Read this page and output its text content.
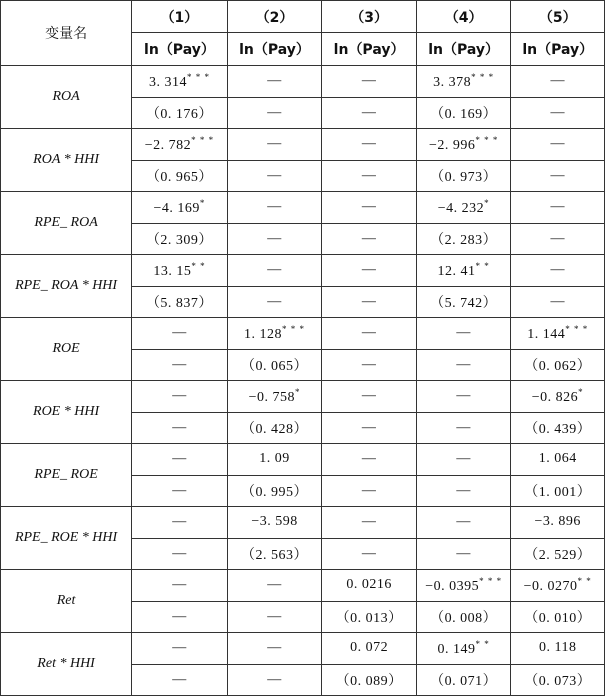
变量名	（1）	（2）	（3）	（4）	（5）
	ln（Pay）	ln（Pay）	ln（Pay）	ln（Pay）	ln（Pay）
ROA	3. 314* * *	—	—	3. 378* * *	—
	（0. 176）	—	—	（0. 169）	—
ROA * HHI	−2. 782* * *	—	—	−2. 996* * *	—
	（0. 965）	—	—	（0. 973）	—
RPE_ ROA	−4. 169*	—	—	−4. 232*	—
	（2. 309）	—	—	（2. 283）	—
RPE_ ROA * HHI	13. 15* *	—	—	12. 41* *	—
	（5. 837）	—	—	（5. 742）	—
ROE	—	1. 128* * *	—	—	1. 144* * *
	—	（0. 065）	—	—	（0. 062）
ROE * HHI	—	−0. 758*	—	—	−0. 826*
	—	（0. 428）	—	—	（0. 439）
RPE_ ROE	—	1. 09	—	—	1. 064
	—	（0. 995）	—	—	（1. 001）
RPE_ ROE * HHI	—	−3. 598	—	—	−3. 896
	—	（2. 563）	—	—	（2. 529）
Ret	—	—	0. 0216	−0. 0395* * *	−0. 0270* *
	—	—	（0. 013）	（0. 008）	（0. 010）
Ret * HHI	—	—	0. 072	0. 149* *	0. 118
	—	—	（0. 089）	（0. 071）	（0. 073）
